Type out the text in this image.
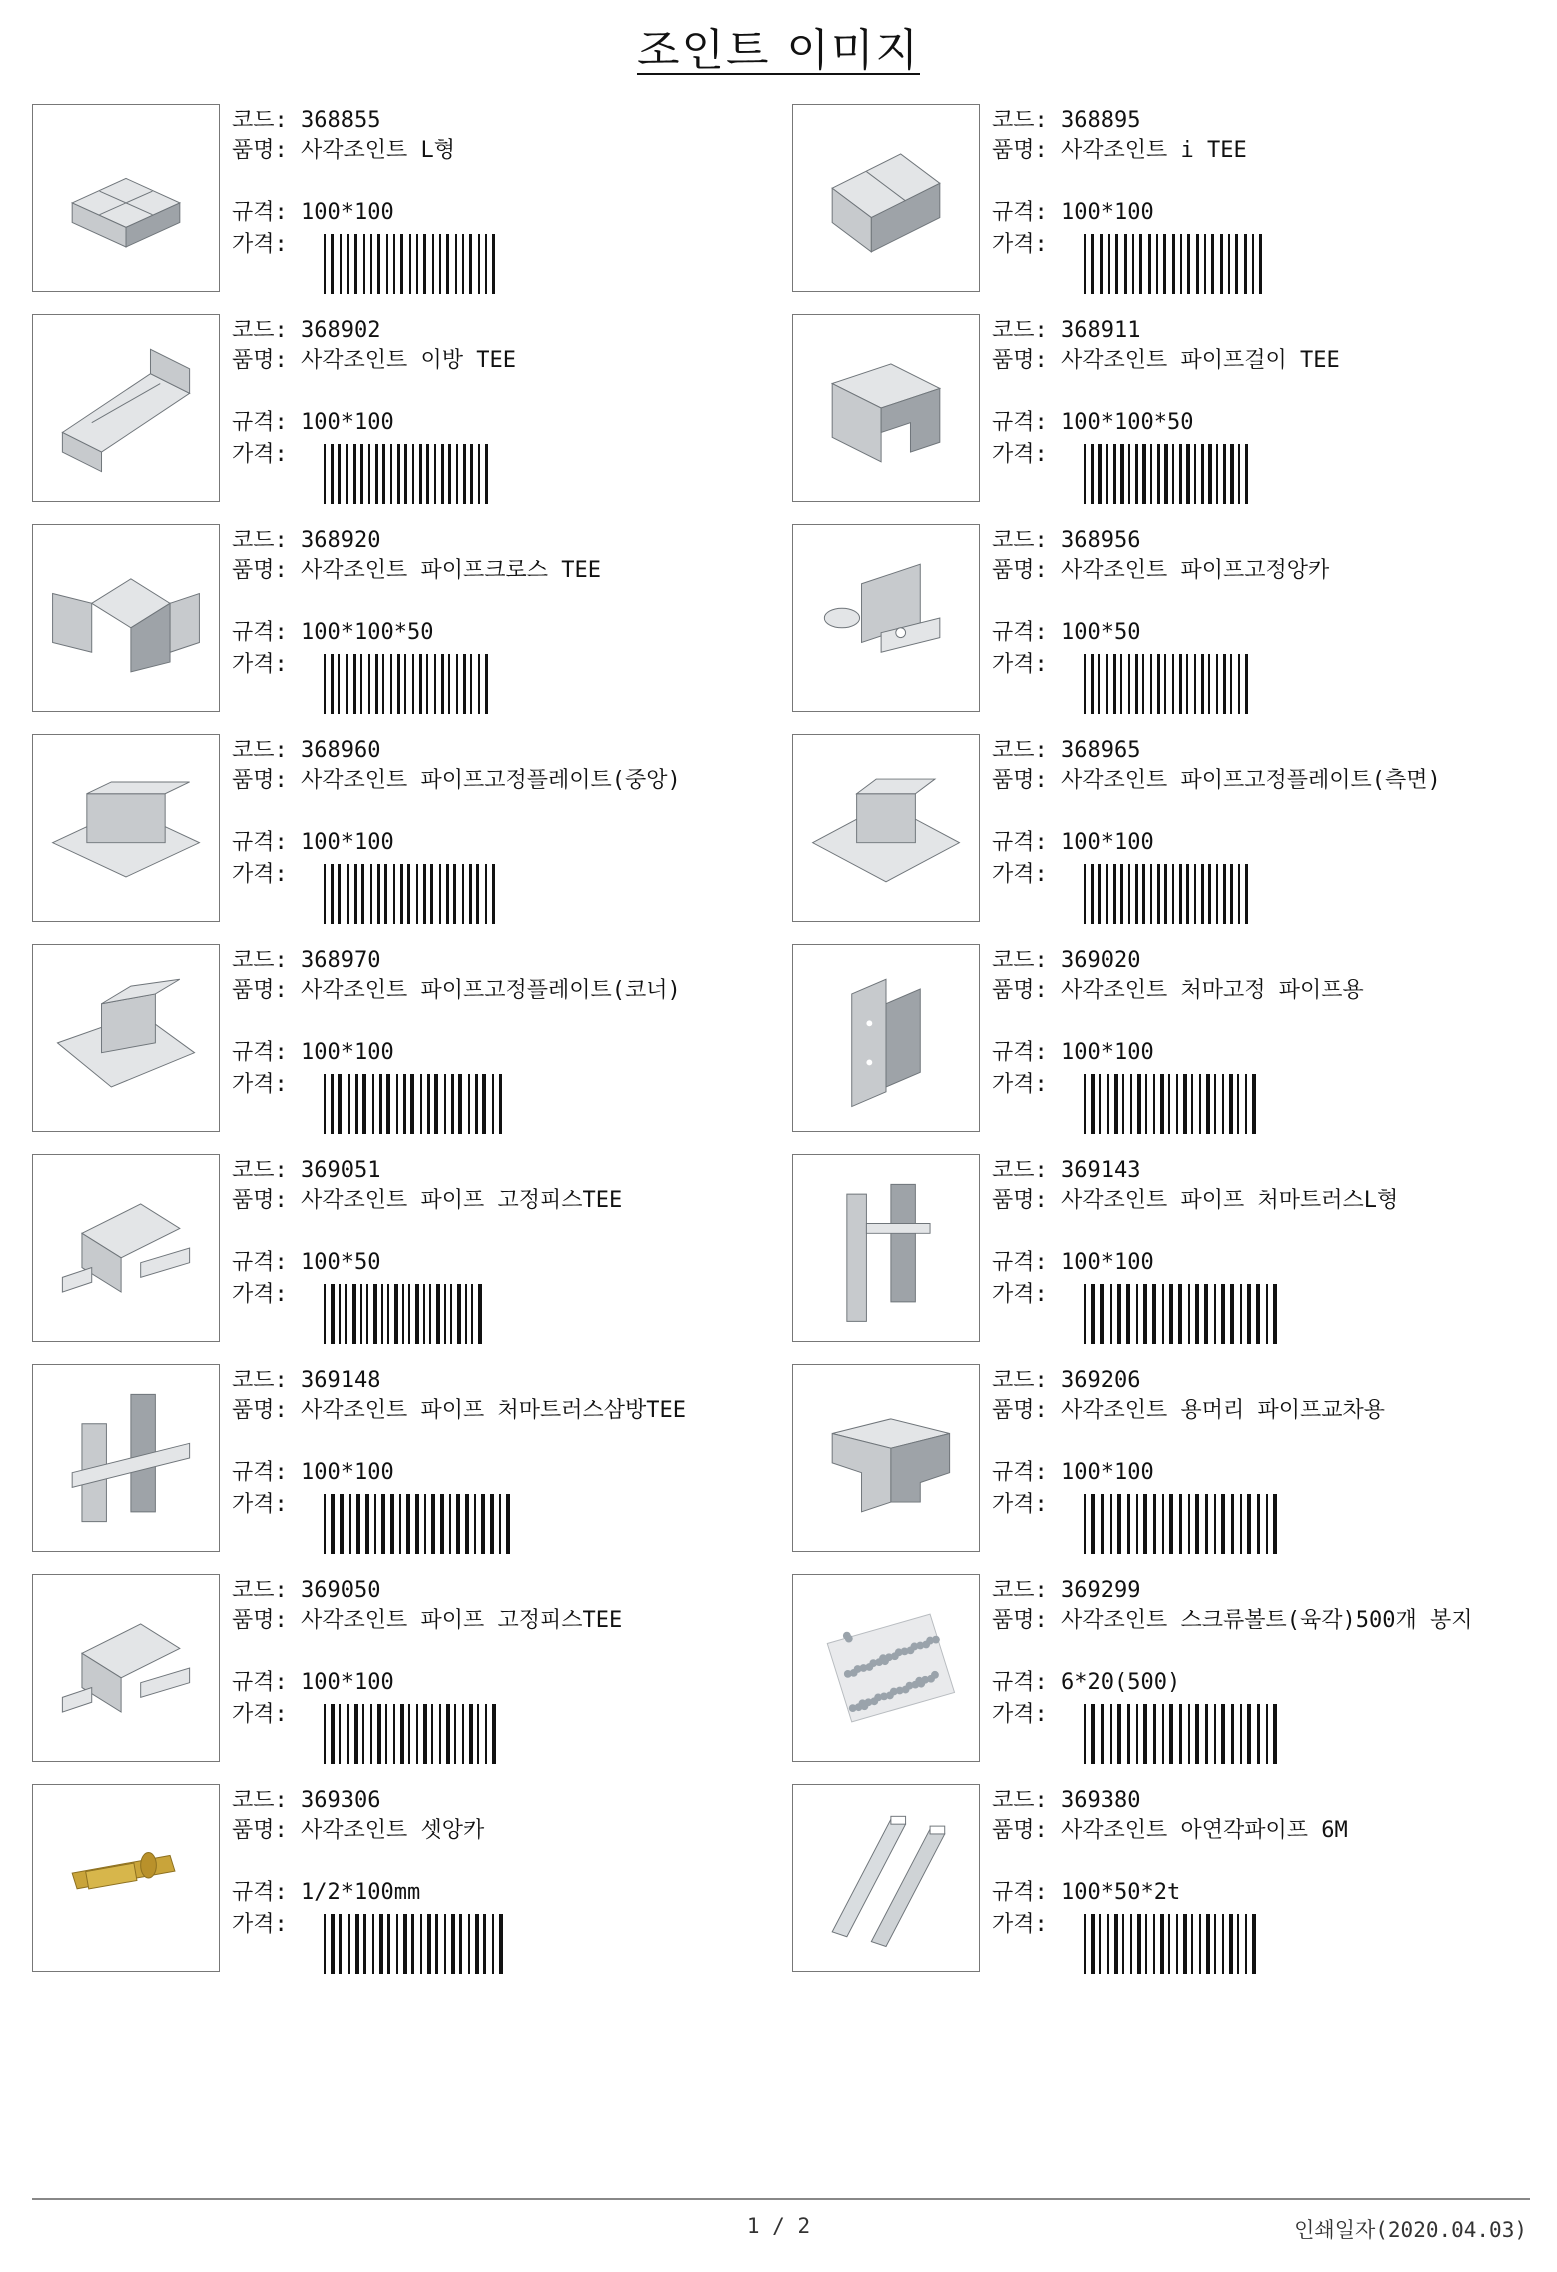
조인트 이미지
코드:
368855
품명:
사각조인트 L형
규격:
100*100
가격:

코드:
368895
품명:
사각조인트 i TEE
규격:
100*100
가격:

코드:
368902
품명:
사각조인트 이방 TEE
규격:
100*100
가격:

코드:
368911
품명:
사각조인트 파이프걸이 TEE
규격:
100*100*50
가격:

코드:
368920
품명:
사각조인트 파이프크로스 TEE
규격:
100*100*50
가격:

코드:
368956
품명:
사각조인트 파이프고정앙카
규격:
100*50
가격:

코드:
368960
품명:
사각조인트 파이프고정플레이트(중앙)
규격:
100*100
가격:

코드:
368965
품명:
사각조인트 파이프고정플레이트(측면)
규격:
100*100
가격:

코드:
368970
품명:
사각조인트 파이프고정플레이트(코너)
규격:
100*100
가격:

코드:
369020
품명:
사각조인트 처마고정 파이프용
규격:
100*100
가격:

코드:
369051
품명:
사각조인트 파이프 고정피스TEE
규격:
100*50
가격:

코드:
369143
품명:
사각조인트 파이프 처마트러스L형
규격:
100*100
가격:

코드:
369148
품명:
사각조인트 파이프 처마트러스삼방TEE
규격:
100*100
가격:

코드:
369206
품명:
사각조인트 용머리 파이프교차용
규격:
100*100
가격:

코드:
369050
품명:
사각조인트 파이프 고정피스TEE
규격:
100*100
가격:

코드:
369299
품명:
사각조인트 스크류볼트(육각)500개 봉지
규격:
6*20(500)
가격:

코드:
369306
품명:
사각조인트 셋앙카
규격:
1/2*100mm
가격:

코드:
369380
품명:
사각조인트 아연각파이프 6M
규격:
100*50*2t
가격:

1 / 2	인쇄일자(2020.04.03)
